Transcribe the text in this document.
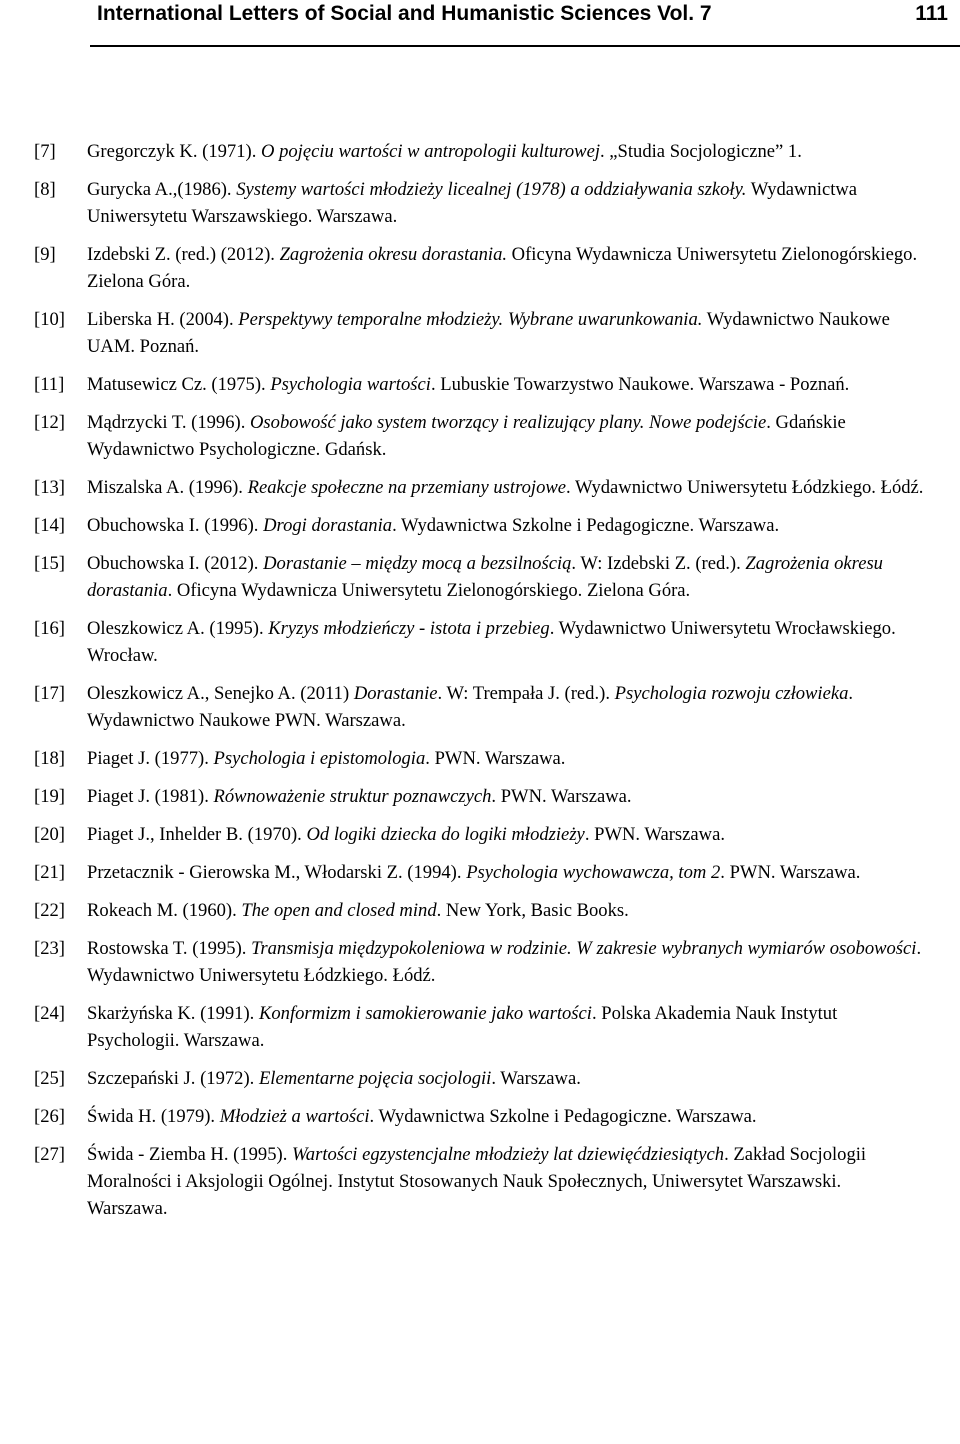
International Letters of Social and Humanistic Sciences Vol. 7	111
[7] Gregorczyk K. (1971). O pojęciu wartości w antropologii kulturowej. „Studia Socjologiczne” 1.
[8] Gurycka A.,(1986). Systemy wartości młodzieży licealnej (1978) a oddziaływania szkoły. Wydawnictwa Uniwersytetu Warszawskiego. Warszawa.
[9] Izdebski Z. (red.) (2012). Zagrożenia okresu dorastania. Oficyna Wydawnicza Uniwersytetu Zielonogórskiego. Zielona Góra.
[10] Liberska H. (2004). Perspektywy temporalne młodzieży. Wybrane uwarunkowania. Wydawnictwo Naukowe UAM. Poznań.
[11] Matusewicz Cz. (1975). Psychologia wartości. Lubuskie Towarzystwo Naukowe. Warszawa - Poznań.
[12] Mądrzycki T. (1996). Osobowość jako system tworzący i realizujący plany. Nowe podejście. Gdańskie Wydawnictwo Psychologiczne. Gdańsk.
[13] Miszalska A. (1996). Reakcje społeczne na przemiany ustrojowe. Wydawnictwo Uniwersytetu Łódzkiego. Łódź.
[14] Obuchowska I. (1996). Drogi dorastania. Wydawnictwa Szkolne i Pedagogiczne. Warszawa.
[15] Obuchowska I. (2012). Dorastanie – między mocą a bezsilnością. W: Izdebski Z. (red.). Zagrożenia okresu dorastania. Oficyna Wydawnicza Uniwersytetu Zielonogórskiego. Zielona Góra.
[16] Oleszkowicz A. (1995). Kryzys młodzieńczy - istota i przebieg. Wydawnictwo Uniwersytetu Wrocławskiego. Wrocław.
[17] Oleszkowicz A., Senejko A. (2011) Dorastanie. W: Trempała J. (red.). Psychologia rozwoju człowieka. Wydawnictwo Naukowe PWN. Warszawa.
[18] Piaget J. (1977). Psychologia i epistomologia. PWN. Warszawa.
[19] Piaget J. (1981). Równoważenie struktur poznawczych. PWN. Warszawa.
[20] Piaget J., Inhelder B. (1970). Od logiki dziecka do logiki młodzieży. PWN. Warszawa.
[21] Przetacznik - Gierowska M., Włodarski Z. (1994). Psychologia wychowawcza, tom 2. PWN. Warszawa.
[22] Rokeach M. (1960). The open and closed mind. New York, Basic Books.
[23] Rostowska T. (1995). Transmisja międzypokoleniowa w rodzinie. W zakresie wybranych wymiarów osobowości. Wydawnictwo Uniwersytetu Łódzkiego. Łódź.
[24] Skarżyńska K. (1991). Konformizm i samokierowanie jako wartości. Polska Akademia Nauk Instytut Psychologii. Warszawa.
[25] Szczepański J. (1972). Elementarne pojęcia socjologii. Warszawa.
[26] Świda H. (1979). Młodzież a wartości. Wydawnictwa Szkolne i Pedagogiczne. Warszawa.
[27] Świda - Ziemba H. (1995). Wartości egzystencjalne młodzieży lat dziewięćdziesiątych. Zakład Socjologii Moralności i Aksjologii Ogólnej. Instytut Stosowanych Nauk Społecznych, Uniwersytet Warszawski. Warszawa.
